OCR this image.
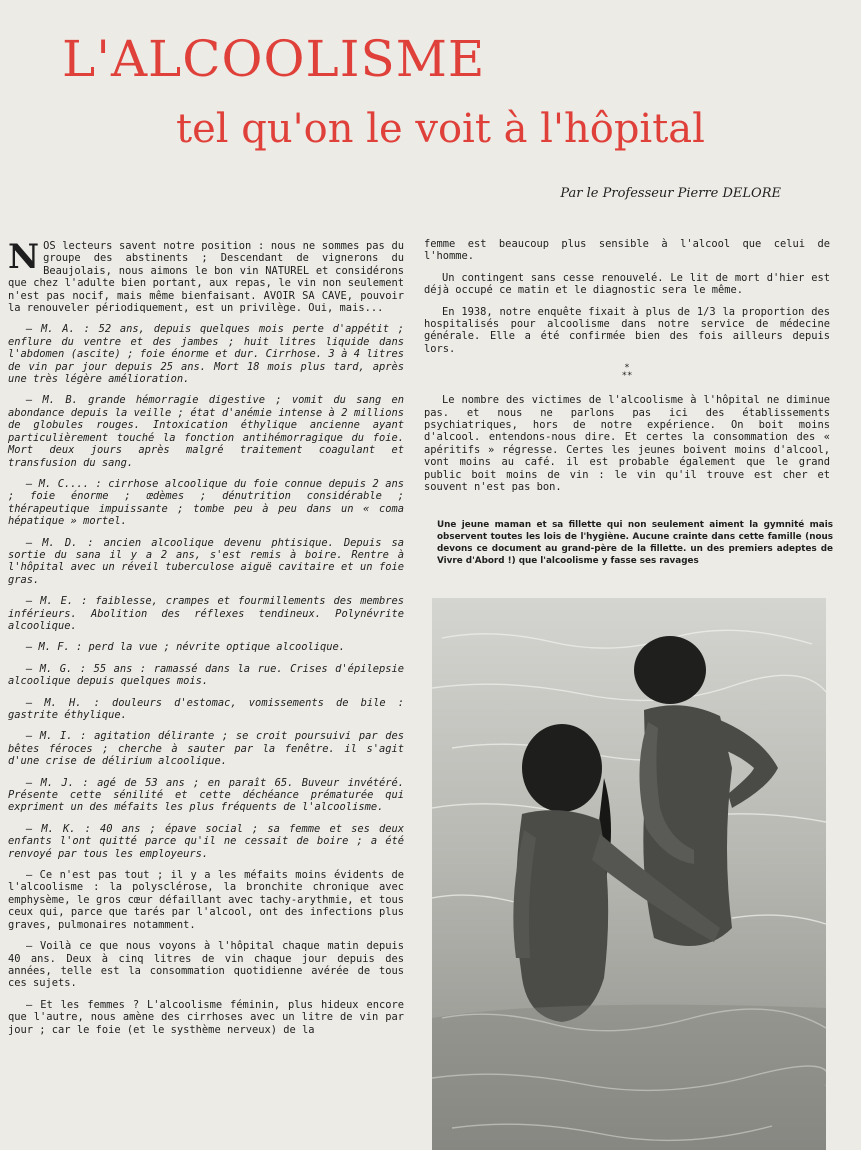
L'ALCOOLISME
tel qu'on le voit à l'hôpital
Par le Professeur Pierre DELORE

NOS lecteurs savent notre position : nous ne sommes pas du groupe des abstinents ; Descendant de vignerons du Beaujolais, nous aimons le bon vin NATUREL et considérons que chez l'adulte bien portant, aux repas, le vin non seulement n'est pas nocif, mais même bienfaisant. AVOIR SA CAVE, pouvoir la renouveler périodiquement, est un privilège. Oui, mais...

— M. A. : 52 ans, depuis quelques mois perte d'appétit ; enflure du ventre et des jambes ; huit litres liquide dans l'abdomen (ascite) ; foie énorme et dur. Cirrhose. 3 à 4 litres de vin par jour depuis 25 ans. Mort 18 mois plus tard, après une très légère amélioration.

— M. B. grande hémorragie digestive ; vomit du sang en abondance depuis la veille ; état d'anémie intense à 2 millions de globules rouges. Intoxication éthylique ancienne ayant particulièrement touché la fonction antihémorragique du foie. Mort deux jours après malgré traitement coagulant et transfusion du sang.

— M. C.... : cirrhose alcoolique du foie connue depuis 2 ans ; foie énorme ; œdèmes ; dénutrition considérable ; thérapeutique impuissante ; tombe peu à peu dans un « coma hépatique » mortel.

— M. D. : ancien alcoolique devenu phtisique. Depuis sa sortie du sana il y a 2 ans, s'est remis à boire. Rentre à l'hôpital avec un réveil tuberculose aiguë cavitaire et un foie gras.

— M. E. : faiblesse, crampes et fourmillements des membres inférieurs. Abolition des réflexes tendineux. Polynévrite alcoolique.

— M. F. : perd la vue ; névrite optique alcoolique.

— M. G. : 55 ans : ramassé dans la rue. Crises d'épilepsie alcoolique depuis quelques mois.

— M. H. : douleurs d'estomac, vomissements de bile : gastrite éthylique.

— M. I. : agitation délirante ; se croit poursuivi par des bêtes féroces ; cherche à sauter par la fenêtre. il s'agit d'une crise de délirium alcoolique.

— M. J. : agé de 53 ans ; en paraît 65. Buveur invétéré. Présente cette sénilité et cette déchéance prématurée qui expriment un des méfaits les plus fréquents de l'alcoolisme.

— M. K. : 40 ans ; épave social ; sa femme et ses deux enfants l'ont quitté parce qu'il ne cessait de boire ; a été renvoyé par tous les employeurs.

— Ce n'est pas tout ; il y a les méfaits moins évidents de l'alcoolisme : la polysclérose, la bronchite chronique avec emphysème, le gros cœur défaillant avec tachy-arythmie, et tous ceux qui, parce que tarés par l'alcool, ont des infections plus graves, pulmonaires notamment.

— Voilà ce que nous voyons à l'hôpital chaque matin depuis 40 ans. Deux à cinq litres de vin chaque jour depuis des années, telle est la consommation quotidienne avérée de tous ces sujets.

— Et les femmes ? L'alcoolisme féminin, plus hideux encore que l'autre, nous amène des cirrhoses avec un litre de vin par jour ; car le foie (et le systhème nerveux) de la

femme est beaucoup plus sensible à l'alcool que celui de l'homme.

Un contingent sans cesse renouvelé. Le lit de mort d'hier est déjà occupé ce matin et le diagnostic sera le même.

En 1938, notre enquête fixait à plus de 1/3 la proportion des hospitalisés pour alcoolisme dans notre service de médecine générale. Elle a été confirmée bien des fois ailleurs depuis lors.

*
**

Le nombre des victimes de l'alcoolisme à l'hôpital ne diminue pas. et nous ne parlons pas ici des établissements psychiatriques, hors de notre expérience. On boit moins d'alcool. entendons-nous dire. Et certes la consommation des « apéritifs » régresse. Certes les jeunes boivent moins d'alcool, vont moins au café. il est probable également que le grand public boit moins de vin : le vin qu'il trouve est cher et souvent n'est pas bon.

Une jeune maman et sa fillette qui non seulement aiment la gymnité mais observent toutes les lois de l'hygiène. Aucune crainte dans cette famille (nous devons ce document au grand-père de la fillette. un des premiers adeptes de Vivre d'Abord !) que l'alcoolisme y fasse ses ravages
